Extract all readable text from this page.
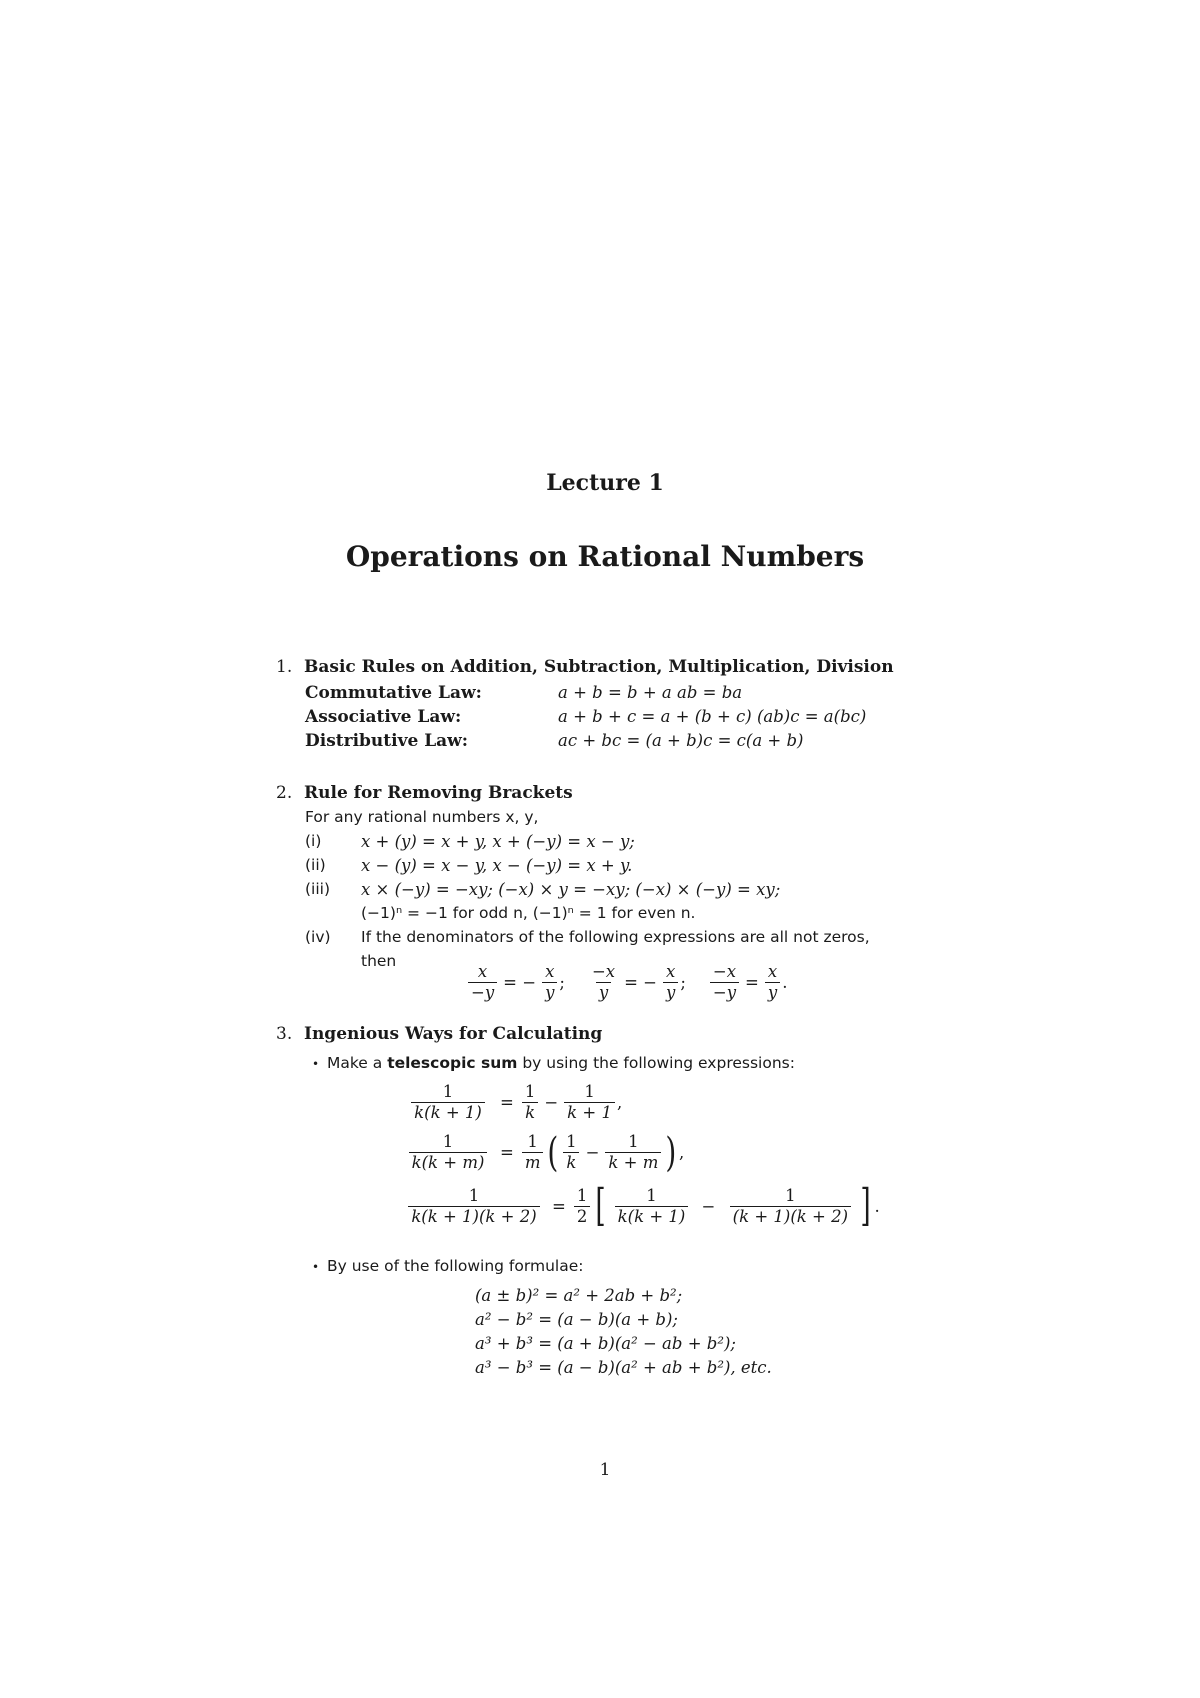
Lecture 1
Operations on Rational Numbers
1. Basic Rules on Addition, Subtraction, Multiplication, Division
Commutative Law:	a + b = b + a ab = ba
Associative Law:	a + b + c = a + (b + c) (ab)c = a(bc)
Distributive Law:	ac + bc = (a + b)c = c(a + b)
2. Rule for Removing Brackets
For any rational numbers x, y,
(i) x + (y) = x + y, x + (−y) = x − y;
(ii) x − (y) = x − y, x − (−y) = x + y.
(iii) x × (−y) = −xy; (−x) × y = −xy; (−x) × (−y) = xy;
(−1)ⁿ = −1 for odd n, (−1)ⁿ = 1 for even n.
(iv) If the denominators of the following expressions are all not zeros,
then
$\frac{x}{-y}$ = − $\frac{x}{y}$ ; $\frac{-x}{y}$ = − $\frac{x}{y}$ ; $\frac{-x}{-y} = \frac{x}{y}$ .
3. Ingenious Ways for Calculating
• Make a telescopic sum by using the following expressions:
$\frac{1}{k(k + 1)} = \frac{1}{k} - \frac{1}{k + 1}$ ,
$\frac{1}{k(k + m)} = \frac{1}{m}$ ( $\frac{1}{k} - \frac{1}{k + m}$ ) ,
$\frac{1}{k(k + 1)(k + 2)} = \frac{1}{2}$ [ $\frac{1}{k(k + 1)} - \frac{1}{(k + 1)(k + 2)}$ ] .
• By use of the following formulae:
(a ± b)² = a² + 2ab + b²;
a² − b² = (a − b)(a + b);
a³ + b³ = (a + b)(a² − ab + b²);
a³ − b³ = (a − b)(a² + ab + b²), etc.
1
